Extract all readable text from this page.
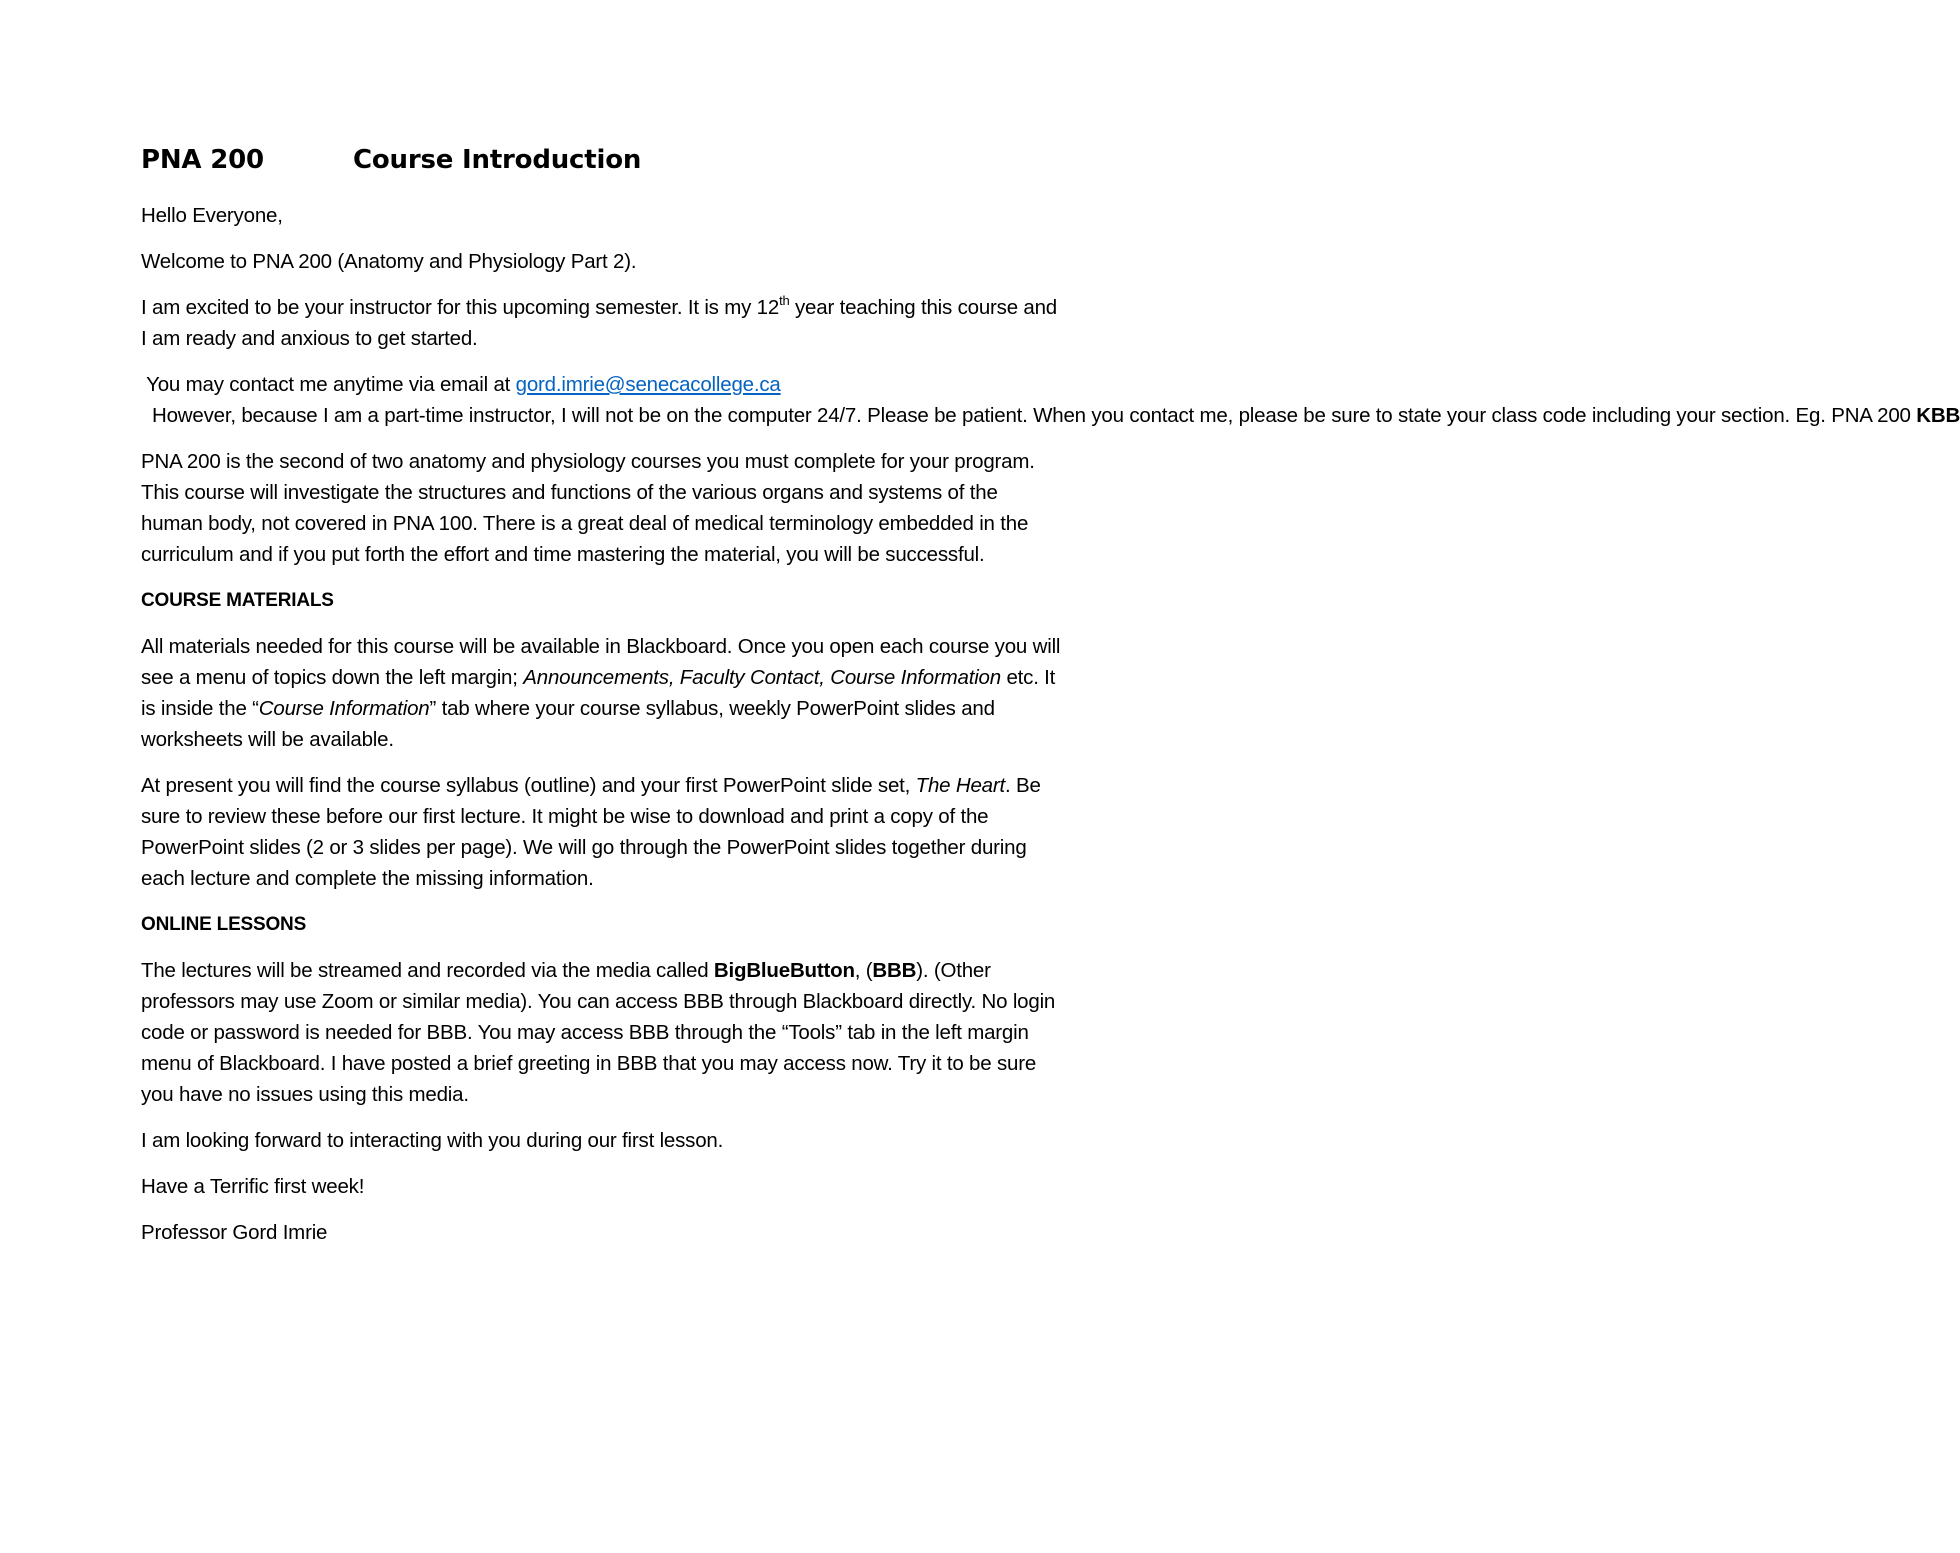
PNA 200	Course Introduction

Hello Everyone,

Welcome to PNA 200 (Anatomy and Physiology Part 2).

I am excited to be your instructor for this upcoming semester. It is my 12th year teaching this course and I am ready and anxious to get started.

You may contact me anytime via email at gord.imrie@senecacollege.ca  However, because I am a part-time instructor, I will not be on the computer 24/7. Please be patient. When you contact me, please be sure to state your class code including your section. Eg. PNA 200 KBB

PNA 200 is the second of two anatomy and physiology courses you must complete for your program. This course will investigate the structures and functions of the various organs and systems of the human body, not covered in PNA 100. There is a great deal of medical terminology embedded in the curriculum and if you put forth the effort and time mastering the material, you will be successful.

COURSE MATERIALS

All materials needed for this course will be available in Blackboard. Once you open each course you will see a menu of topics down the left margin; Announcements, Faculty Contact, Course Information etc. It is inside the “Course Information” tab where your course syllabus, weekly PowerPoint slides and worksheets will be available.

At present you will find the course syllabus (outline) and your first PowerPoint slide set, The Heart. Be sure to review these before our first lecture. It might be wise to download and print a copy of the PowerPoint slides (2 or 3 slides per page). We will go through the PowerPoint slides together during each lecture and complete the missing information.

ONLINE LESSONS

The lectures will be streamed and recorded via the media called BigBlueButton, (BBB). (Other professors may use Zoom or similar media). You can access BBB through Blackboard directly. No login code or password is needed for BBB. You may access BBB through the “Tools” tab in the left margin menu of Blackboard. I have posted a brief greeting in BBB that you may access now. Try it to be sure you have no issues using this media.

I am looking forward to interacting with you during our first lesson.

Have a Terrific first week!

Professor Gord Imrie
